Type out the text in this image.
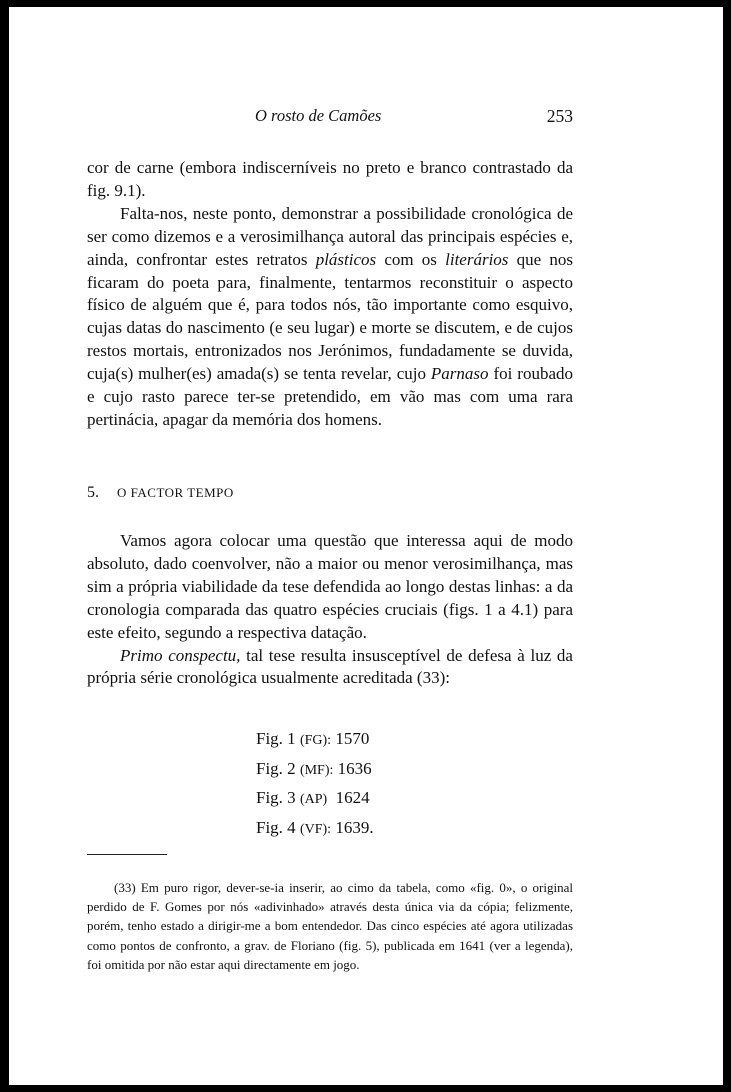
O rosto de Camões	253

cor de carne (embora indiscerníveis no preto e branco contrastado da fig. 9.1).

Falta-nos, neste ponto, demonstrar a possibilidade cronológica de ser como dizemos e a verosimilhança autoral das principais espécies e, ainda, confrontar estes retratos plásticos com os literários que nos ficaram do poeta para, finalmente, tentarmos reconstituir o aspecto físico de alguém que é, para todos nós, tão importante como esquivo, cujas datas do nascimento (e seu lugar) e morte se discutem, e de cujos restos mortais, entronizados nos Jerónimos, fundadamente se duvida, cuja(s) mulher(es) amada(s) se tenta revelar, cujo Parnaso foi roubado e cujo rasto parece ter-se pretendido, em vão mas com uma rara pertinácia, apagar da memória dos homens.

5. O FACTOR TEMPO

Vamos agora colocar uma questão que interessa aqui de modo absoluto, dado coenvolver, não a maior ou menor verosimilhança, mas sim a própria viabilidade da tese defendida ao longo destas linhas: a da cronologia comparada das quatro espécies cruciais (figs. 1 a 4.1) para este efeito, segundo a respectiva datação.

Primo conspectu, tal tese resulta insusceptível de defesa à luz da própria série cronológica usualmente acreditada (33):

Fig. 1 (FG): 1570
Fig. 2 (MF): 1636
Fig. 3 (AP) 1624
Fig. 4 (VF): 1639.

(33) Em puro rigor, dever-se-ia inserir, ao cimo da tabela, como «fig. 0», o original perdido de F. Gomes por nós «adivinhado» através desta única via da cópia; felizmente, porém, tenho estado a dirigir-me a bom entendedor. Das cinco espécies até agora utilizadas como pontos de confronto, a grav. de Floriano (fig. 5), publicada em 1641 (ver a legenda), foi omitida por não estar aqui directamente em jogo.
